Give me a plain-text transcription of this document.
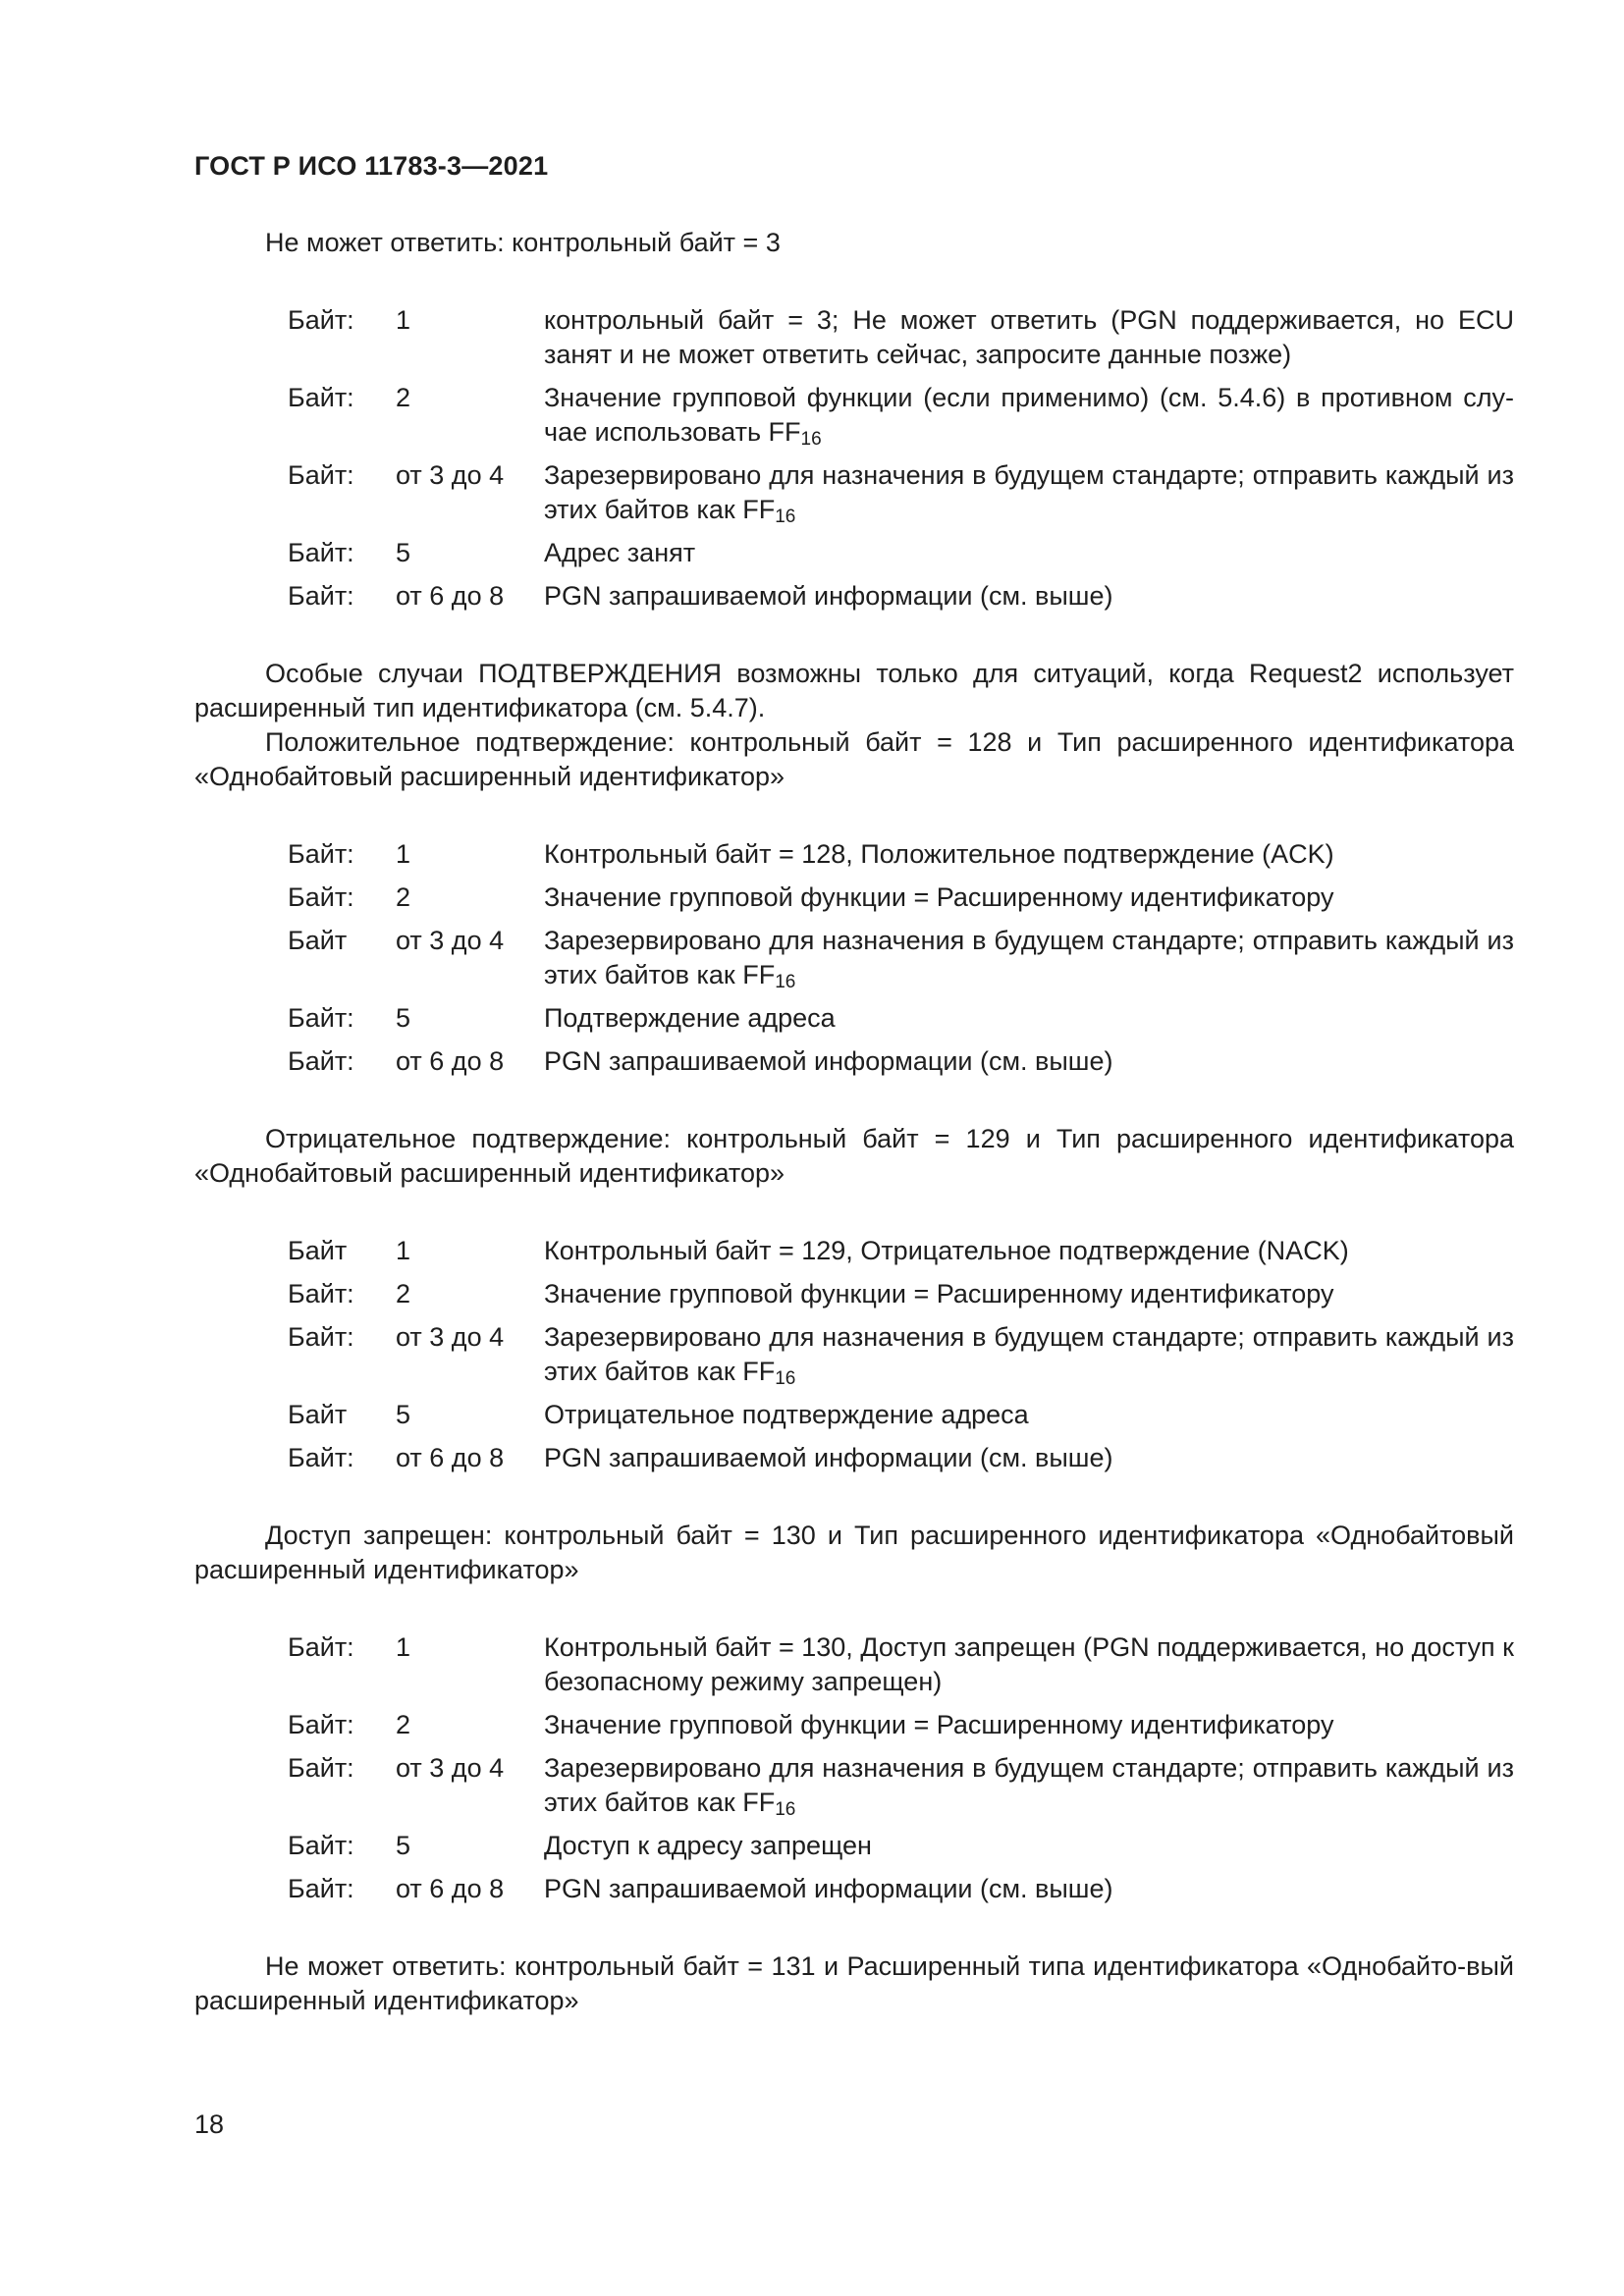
ГОСТ Р ИСО 11783-3—2021

Не может ответить: контрольный байт = 3

Байт:	1	контрольный байт = 3; Не может ответить (PGN поддерживается, но ECU занят и не может ответить сейчас, запросите данные позже)
Байт:	2	Значение групповой функции (если применимо) (см. 5.4.6) в противном слу-чае использовать $FF_{16}$
Байт:	от 3 до 4	Зарезервировано для назначения в будущем стандарте; отправить каждый из этих байтов как $FF_{16}$
Байт:	5	Адрес занят
Байт:	от 6 до 8	PGN запрашиваемой информации (см. выше)

Особые случаи ПОДТВЕРЖДЕНИЯ возможны только для ситуаций, когда Request2 использует расширенный тип идентификатора (см. 5.4.7).

Положительное подтверждение: контрольный байт = 128 и Тип расширенного идентификатора «Однобайтовый расширенный идентификатор»

Байт:	1	Контрольный байт = 128, Положительное подтверждение (ACK)
Байт:	2	Значение групповой функции = Расширенному идентификатору
Байт	от 3 до 4	Зарезервировано для назначения в будущем стандарте; отправить каждый из этих байтов как $FF_{16}$
Байт:	5	Подтверждение адреса
Байт:	от 6 до 8	PGN запрашиваемой информации (см. выше)

Отрицательное подтверждение: контрольный байт = 129 и Тип расширенного идентификатора «Однобайтовый расширенный идентификатор»

Байт	1	Контрольный байт = 129, Отрицательное подтверждение (NACK)
Байт:	2	Значение групповой функции = Расширенному идентификатору
Байт:	от 3 до 4	Зарезервировано для назначения в будущем стандарте; отправить каждый из этих байтов как $FF_{16}$
Байт	5	Отрицательное подтверждение адреса
Байт:	от 6 до 8	PGN запрашиваемой информации (см. выше)

Доступ запрещен: контрольный байт = 130 и Тип расширенного идентификатора «Однобайтовый расширенный идентификатор»

Байт:	1	Контрольный байт = 130, Доступ запрещен (PGN поддерживается, но доступ к безопасному режиму запрещен)
Байт:	2	Значение групповой функции = Расширенному идентификатору
Байт:	от 3 до 4	Зарезервировано для назначения в будущем стандарте; отправить каждый из этих байтов как $FF_{16}$
Байт:	5	Доступ к адресу запрещен
Байт:	от 6 до 8	PGN запрашиваемой информации (см. выше)

Не может ответить: контрольный байт = 131 и Расширенный типа идентификатора «Однобайто-вый расширенный идентификатор»

18
